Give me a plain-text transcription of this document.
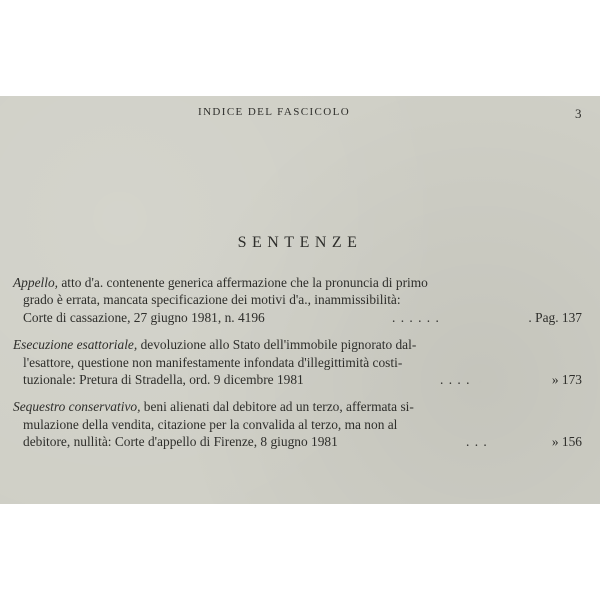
INDICE DEL FASCICOLO	3
SENTENZE
Appello, atto d'a. contenente generica affermazione che la pronuncia di primo
grado è errata, mancata specificazione dei motivi d'a., inammissibilità:
Corte di cassazione, 27 giugno 1981, n. 4196	. . . . . .	. Pag. 137
Esecuzione esattoriale, devoluzione allo Stato dell'immobile pignorato dal-
l'esattore, questione non manifestamente infondata d'illegittimità costi-
tuzionale: Pretura di Stradella, ord. 9 dicembre 1981	. . . .	» 173
Sequestro conservativo, beni alienati dal debitore ad un terzo, affermata si-
mulazione della vendita, citazione per la convalida al terzo, ma non al
debitore, nullità: Corte d'appello di Firenze, 8 giugno 1981	. . .	» 156
